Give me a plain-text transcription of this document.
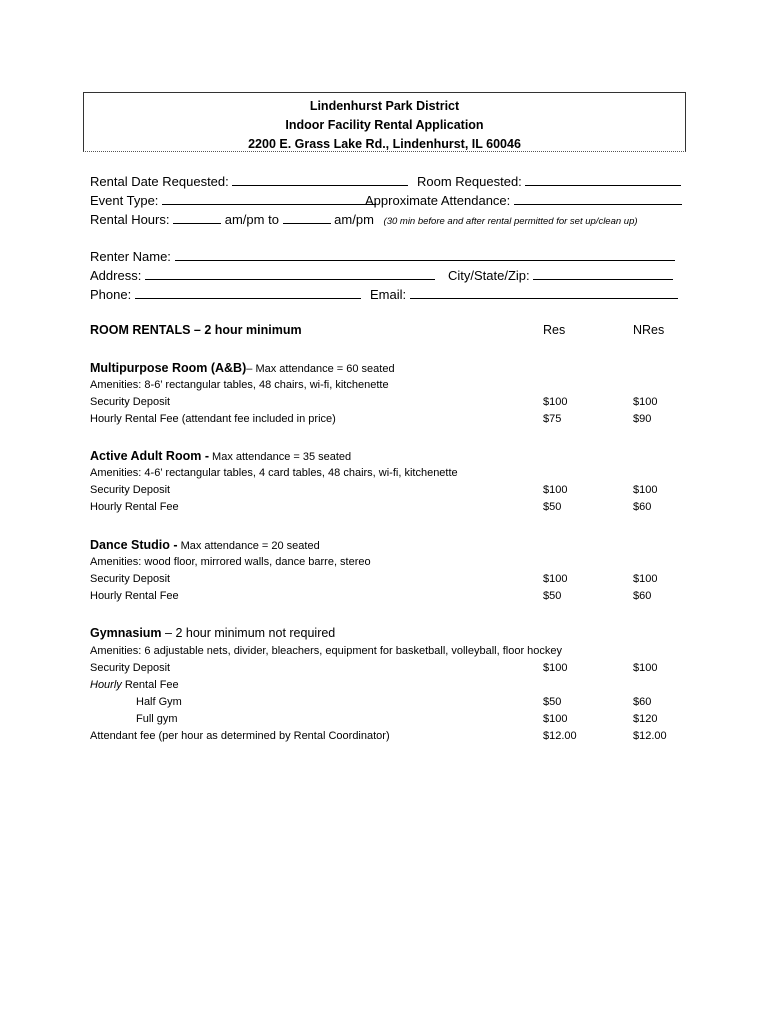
Lindenhurst Park District
Indoor Facility Rental Application
2200 E. Grass Lake Rd., Lindenhurst, IL 60046
Rental Date Requested:	Room Requested:
Event Type:	Approximate Attendance:
Rental Hours:	am/pm to	am/pm (30 min before and after rental permitted for set up/clean up)
Renter Name:
Address:	City/State/Zip:
Phone:	Email:
ROOM RENTALS – 2 hour minimum	Res	NRes
Multipurpose Room (A&B)– Max attendance = 60 seated
Amenities: 8-6’ rectangular tables, 48 chairs, wi-fi, kitchenette
Security Deposit	$100	$100
Hourly Rental Fee (attendant fee included in price)	$75	$90
Active Adult Room - Max attendance = 35 seated
Amenities: 4-6’ rectangular tables, 4 card tables, 48 chairs, wi-fi, kitchenette
Security Deposit	$100	$100
Hourly Rental Fee	$50	$60
Dance Studio - Max attendance = 20 seated
Amenities: wood floor, mirrored walls, dance barre, stereo
Security Deposit	$100	$100
Hourly Rental Fee	$50	$60
Gymnasium – 2 hour minimum not required
Amenities: 6 adjustable nets, divider, bleachers, equipment for basketball, volleyball, floor hockey
Security Deposit	$100	$100
Hourly Rental Fee
Half Gym	$50	$60
Full gym	$100	$120
Attendant fee (per hour as determined by Rental Coordinator)	$12.00	$12.00
